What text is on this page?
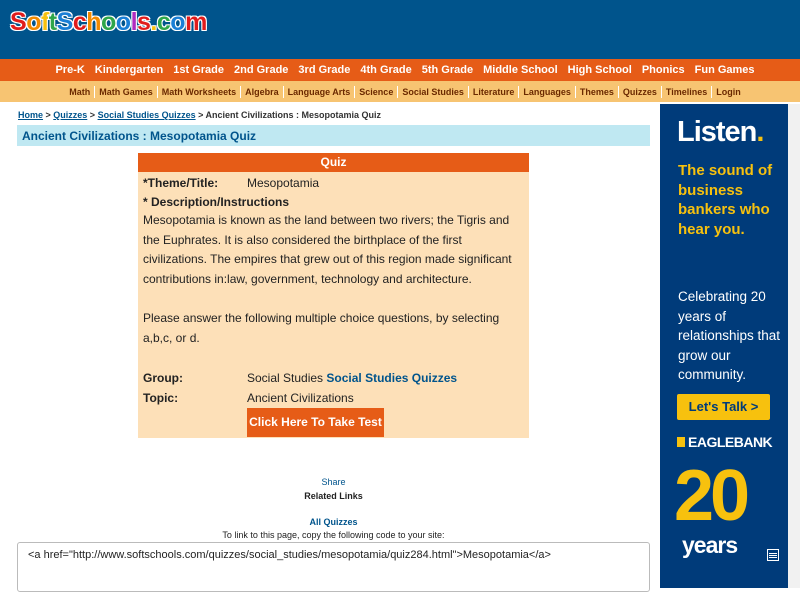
SoftSchools.com
Pre-K Kindergarten 1st Grade 2nd Grade 3rd Grade 4th Grade 5th Grade Middle School High School Phonics Fun Games
Math Math Games Math Worksheets Algebra Language Arts Science Social Studies Literature Languages Themes Quizzes Timelines Login
Home > Quizzes > Social Studies Quizzes > Ancient Civilizations : Mesopotamia Quiz
Ancient Civilizations : Mesopotamia Quiz
Quiz
*Theme/Title: Mesopotamia
* Description/Instructions

Mesopotamia is known as the land between two rivers; the Tigris and the Euphrates. It is also considered the birthplace of the first civilizations. The empires that grew out of this region made significant contributions in:law, government, technology and architecture.

Please answer the following multiple choice questions, by selecting a,b,c, or d.

Group:	Social Studies Social Studies Quizzes
Topic:	Ancient Civilizations
Click Here To Take Test
Share
Related Links
All Quizzes
To link to this page, copy the following code to your site:
<a href="http://www.softschools.com/quizzes/social_studies/mesopotamia/quiz284.html">Mesopotamia</a>
Listen.
The sound of business bankers who hear you.
Celebrating 20 years of relationships that grow our community.
Let's Talk >
EAGLEBANK
20
years
